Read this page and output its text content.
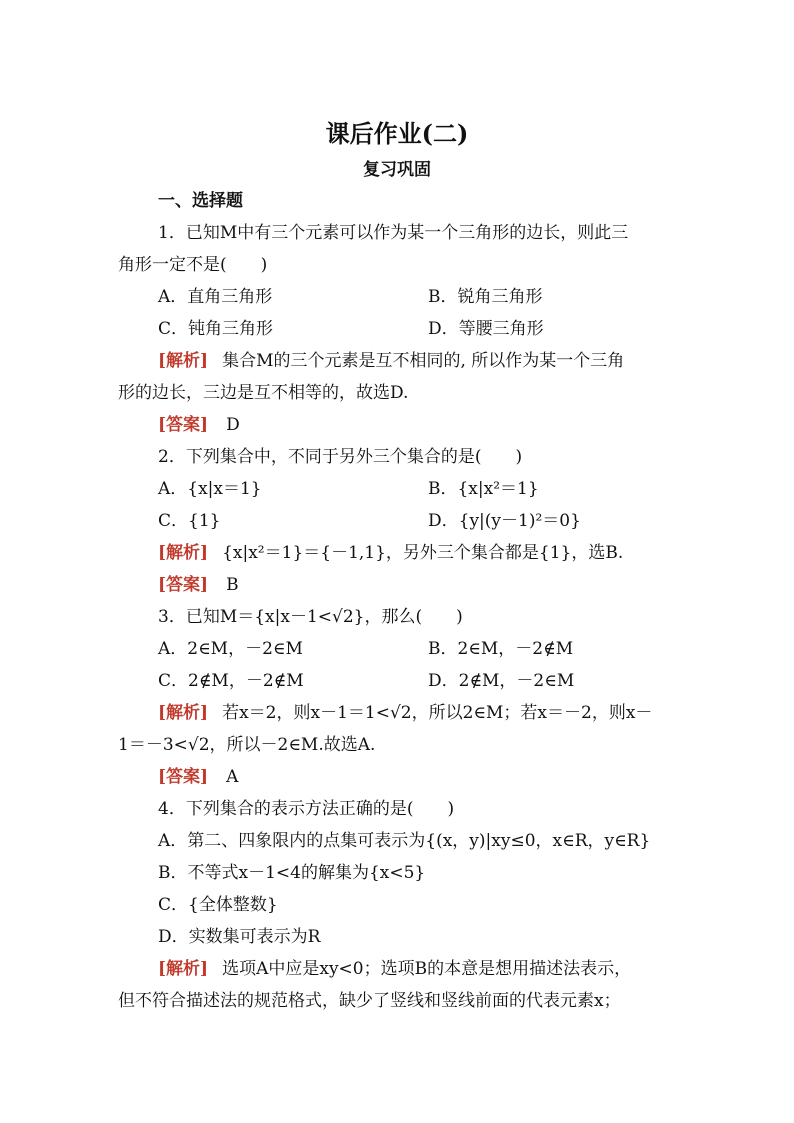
课后作业(二)
复习巩固
一、选择题
1．已知M中有三个元素可以作为某一个三角形的边长，则此三
角形一定不是(　　)
A．直角三角形	B．锐角三角形
C．钝角三角形	D．等腰三角形
[解析] 集合M的三个元素是互不相同的, 所以作为某一个三角
形的边长，三边是互不相等的，故选D.
[答案] D
2．下列集合中，不同于另外三个集合的是(　　)
A．{x|x＝1}	B．{x|x²＝1}
C．{1}	D．{y|(y－1)²＝0}
[解析] {x|x²＝1}＝{－1,1}，另外三个集合都是{1}，选B.
[答案] B
3．已知M＝{x|x－1<√2}，那么(　　)
A．2∈M，－2∈M	B．2∈M，－2∉M
C．2∉M，－2∉M	D．2∉M，－2∈M
[解析] 若x＝2，则x－1＝1<√2，所以2∈M；若x＝－2，则x－
1＝－3<√2，所以－2∈M.故选A.
[答案] A
4．下列集合的表示方法正确的是(　　)
A．第二、四象限内的点集可表示为{(x，y)|xy≤0，x∈R，y∈R}
B．不等式x－1<4的解集为{x<5}
C．{全体整数}
D．实数集可表示为R
[解析] 选项A中应是xy<0；选项B的本意是想用描述法表示，
但不符合描述法的规范格式，缺少了竖线和竖线前面的代表元素x；
